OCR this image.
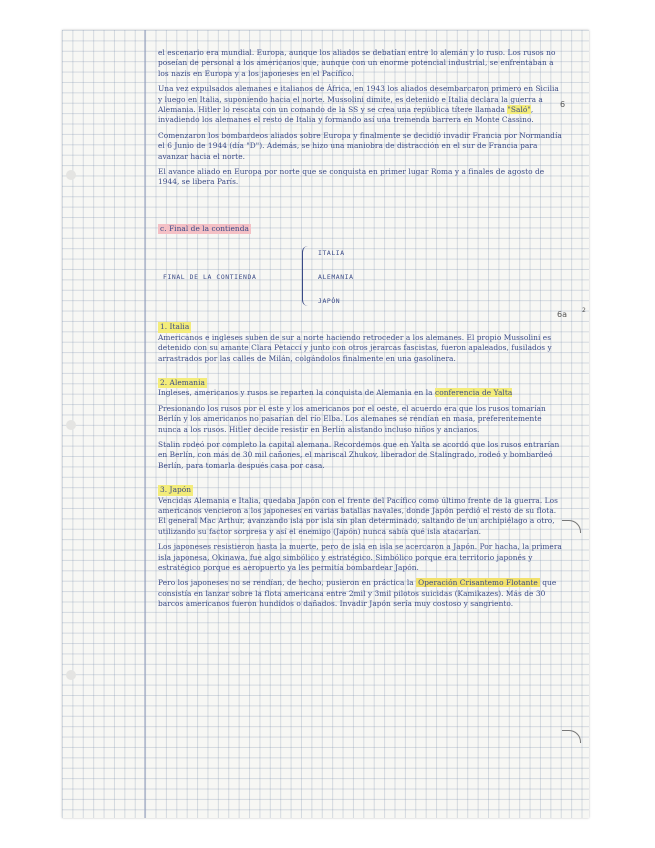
6
6a	2

el escenario era mundial. Europa, aunque los aliados se debatían entre lo alemán y lo ruso. Los rusos no poseían de personal a los americanos que, aunque con un enorme potencial industrial, se enfrentaban a los nazis en Europa y a los japoneses en el Pacífico.

Una vez expulsados alemanes e italianos de África, en 1943 los aliados desembarcaron primero en Sicilia y luego en Italia, suponiendo hacia el norte. Mussolini dimite, es detenido e Italia declara la guerra a Alemania. Hitler lo rescata con un comando de la SS y se crea una república títere llamada "Saló", invadiendo los alemanes el resto de Italia y formando así una tremenda barrera en Monte Cassino.

Comenzaron los bombardeos aliados sobre Europa y finalmente se decidió invadir Francia por Normandía el 6 Junio de 1944 (día "D"). Además, se hizo una maniobra de distracción en el sur de Francia para avanzar hacia el norte.

El avance aliado en Europa por norte que se conquista en primer lugar Roma y a finales de agosto de 1944, se libera París.

c. Final de la contienda
FINAL DE LA CONTIENDA
ITALIA
ALEMANIA
JAPÓN
1. Italia

Americanos e ingleses suben de sur a norte haciendo retroceder a los alemanes. El propio Mussolini es detenido con su amante Clara Petacci y junto con otros jerarcas fascistas, fueron apaleados, fusilados y arrastrados por las calles de Milán, colgándolos finalmente en una gasolinera.

2. Alemania

Ingleses, americanos y rusos se reparten la conquista de Alemania en la conferencia de Yalta

Presionando los rusos por el este y los americanos por el oeste, el acuerdo era que los rusos tomarían Berlín y los americanos no pasarían del río Elba. Los alemanes se rendían en masa, preferentemente nunca a los rusos. Hitler decide resistir en Berlín alistando incluso niños y ancianos.

Stalin rodeó por completo la capital alemana. Recordemos que en Yalta se acordó que los rusos entrarían en Berlín, con más de 30 mil cañones, el mariscal Zhukov, liberador de Stalingrado, rodeó y bombardeó Berlín, para tomarla después casa por casa.

3. Japón

Vencidas Alemania e Italia, quedaba Japón con el frente del Pacífico como último frente de la guerra. Los americanos vencieron a los japoneses en varias batallas navales, donde Japón perdió el resto de su flota. El general Mac Arthur, avanzando isla por isla sin plan determinado, saltando de un archipiélago a otro, utilizando su factor sorpresa y así el enemigo (Japón) nunca sabía qué isla atacarían.

Los japoneses resistieron hasta la muerte, pero de isla en isla se acercaron a Japón. Por hacha, la primera isla japonesa, Okinawa, fue algo simbólico y estratégico. Simbólico porque era territorio japonés y estratégico porque es aeropuerto ya les permitía bombardear Japón.

Pero los japoneses no se rendían, de hecho, pusieron en práctica la Operación Crisantemo Flotante que consistía en lanzar sobre la flota americana entre 2mil y 3mil pilotos suicidas (Kamikazes). Más de 30 barcos americanos fueron hundidos o dañados. Invadir Japón sería muy costoso y sangriento.
